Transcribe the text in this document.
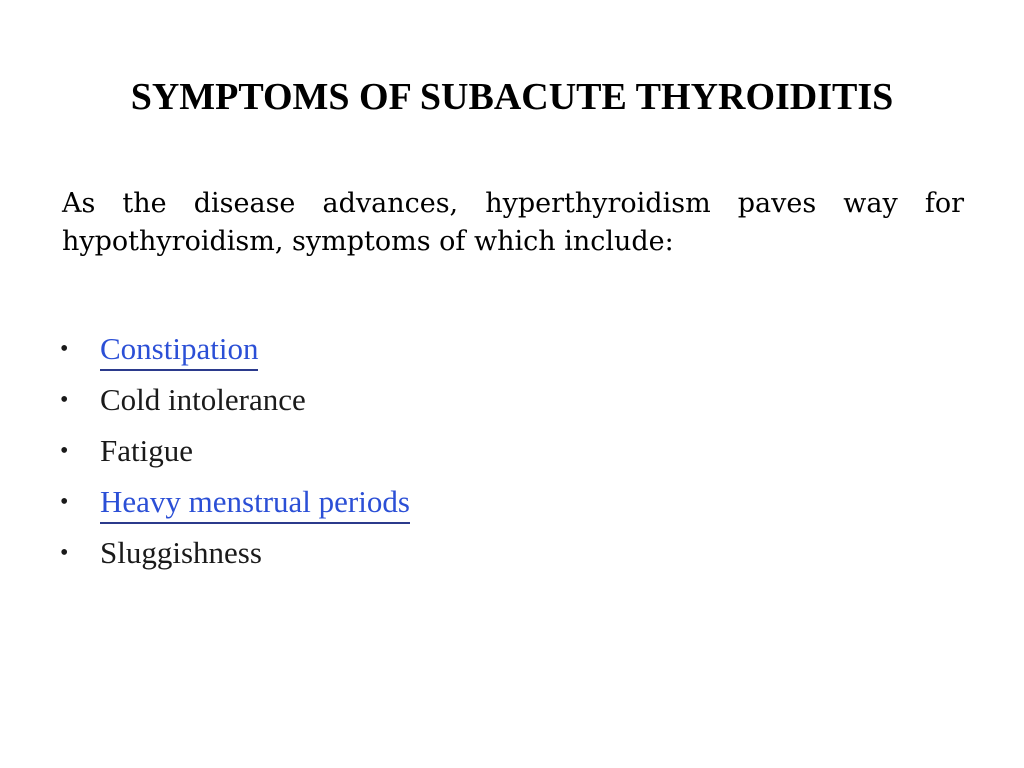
SYMPTOMS OF SUBACUTE THYROIDITIS

As the disease advances, hyperthyroidism paves way for hypothyroidism, symptoms of which include:

•	Constipation
•	Cold intolerance
•	Fatigue
•	Heavy menstrual periods
•	Sluggishness
